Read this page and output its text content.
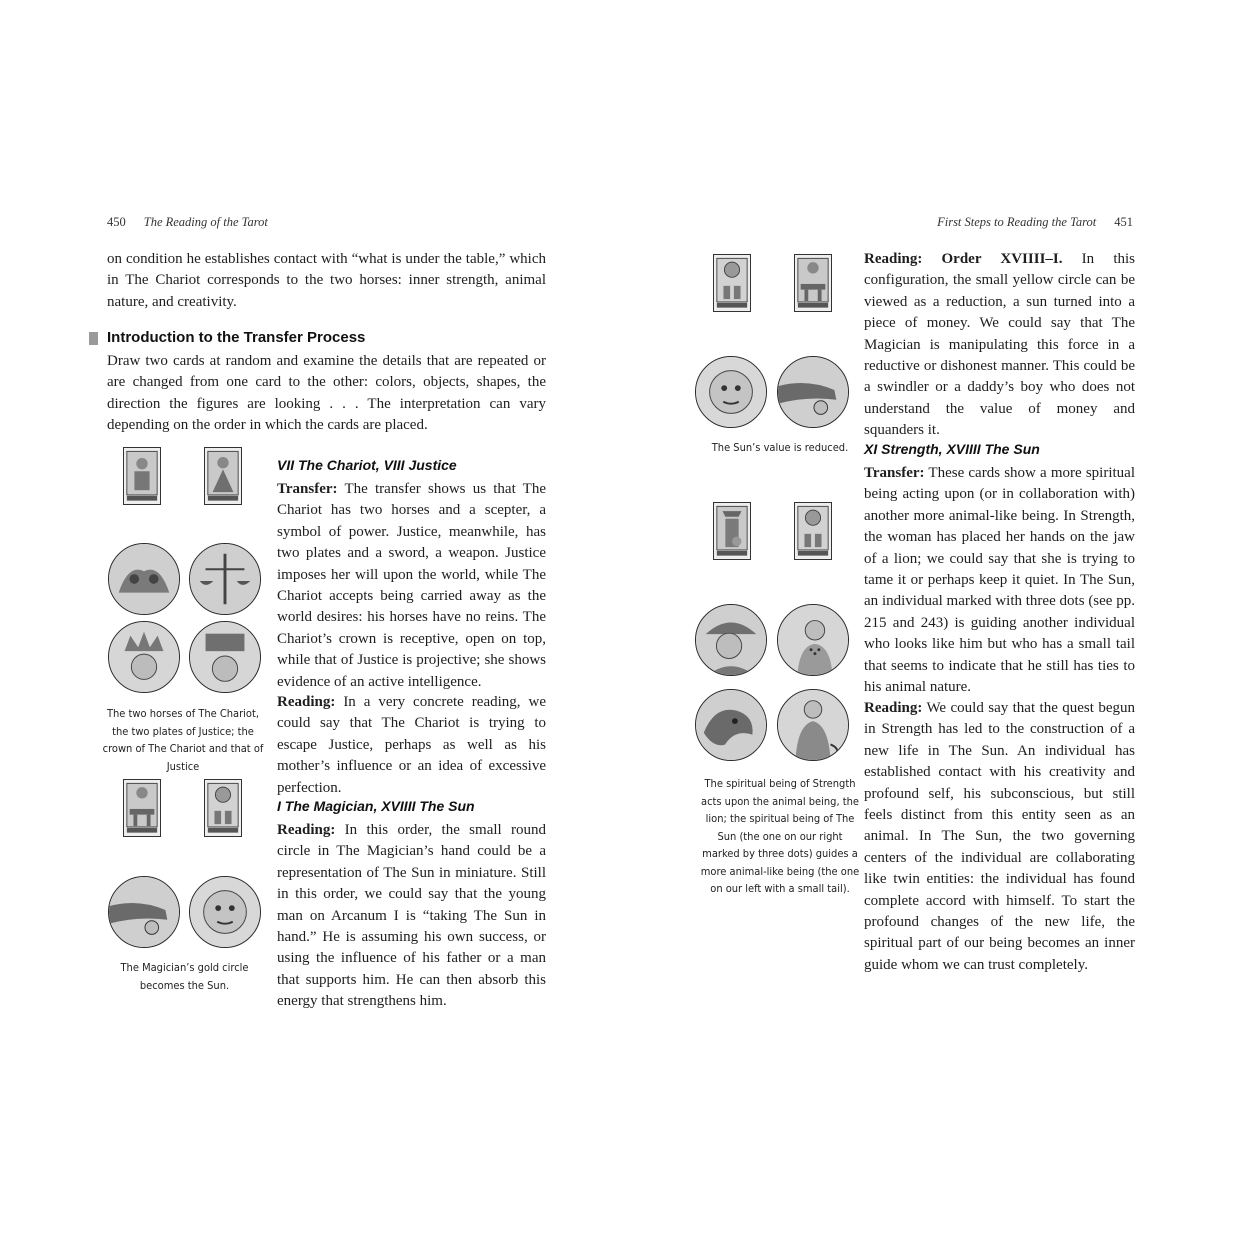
450 The Reading of the Tarot

on condition he establishes contact with “what is under the table,” which in The Chariot corresponds to the two horses: inner strength, animal nature, and creativity.

Introduction to the Transfer Process

Draw two cards at random and examine the details that are repeated or are changed from one card to the other: colors, objects, shapes, the direction the figures are looking . . . The interpretation can vary depending on the order in which the cards are placed.

The two horses of The Chariot, the two plates of Justice; the crown of The Chariot and that of Justice
VII The Chariot, VIII Justice

Transfer: The transfer shows us that The Chariot has two horses and a scepter, a symbol of power. Justice, meanwhile, has two plates and a sword, a weapon. Justice imposes her will upon the world, while The Chariot accepts being carried away as the world desires: his horses have no reins. The Chariot’s crown is receptive, open on top, while that of Justice is projective; she shows evidence of an active intelligence.

Reading: In a very concrete reading, we could say that The Chariot is trying to escape Justice, perhaps as well as his mother’s influence or an idea of excessive perfection.

The Magician’s gold circle becomes the Sun.
I The Magician, XVIIII The Sun

Reading: In this order, the small round circle in The Magician’s hand could be a representation of The Sun in miniature. Still in this order, we could say that the young man on Arcanum I is “taking The Sun in hand.” He is assuming his own success, or using the influence of his father or a man that supports him. He can then absorb this energy that strengthens him.

First Steps to Reading the Tarot 451
The Sun’s value is reduced.

Reading: Order XVIIII–I. In this configuration, the small yellow circle can be viewed as a reduction, a sun turned into a piece of money. We could say that The Magician is manipulating this force in a reductive or dishonest manner. This could be a swindler or a daddy’s boy who does not understand the value of money and squanders it.

XI Strength, XVIIII The Sun

Transfer: These cards show a more spiritual being acting upon (or in collaboration with) another more animal-like being. In Strength, the woman has placed her hands on the jaw of a lion; we could say that she is trying to tame it or perhaps keep it quiet. In The Sun, an individual marked with three dots (see pp. 215 and 243) is guiding another individual who looks like him but who has a small tail that seems to indicate that he still has ties to his animal nature.

Reading: We could say that the quest begun in Strength has led to the construction of a new life in The Sun. An individual has established contact with his creativity and profound self, his subconscious, but still feels distinct from this entity seen as an animal. In The Sun, the two governing centers of the individual are collaborating like twin entities: the individual has found complete accord with himself. To start the profound changes of the new life, the spiritual part of our being becomes an inner guide whom we can trust completely.

The spiritual being of Strength acts upon the animal being, the lion; the spiritual being of The Sun (the one on our right marked by three dots) guides a more animal-like being (the one on our left with a small tail).
